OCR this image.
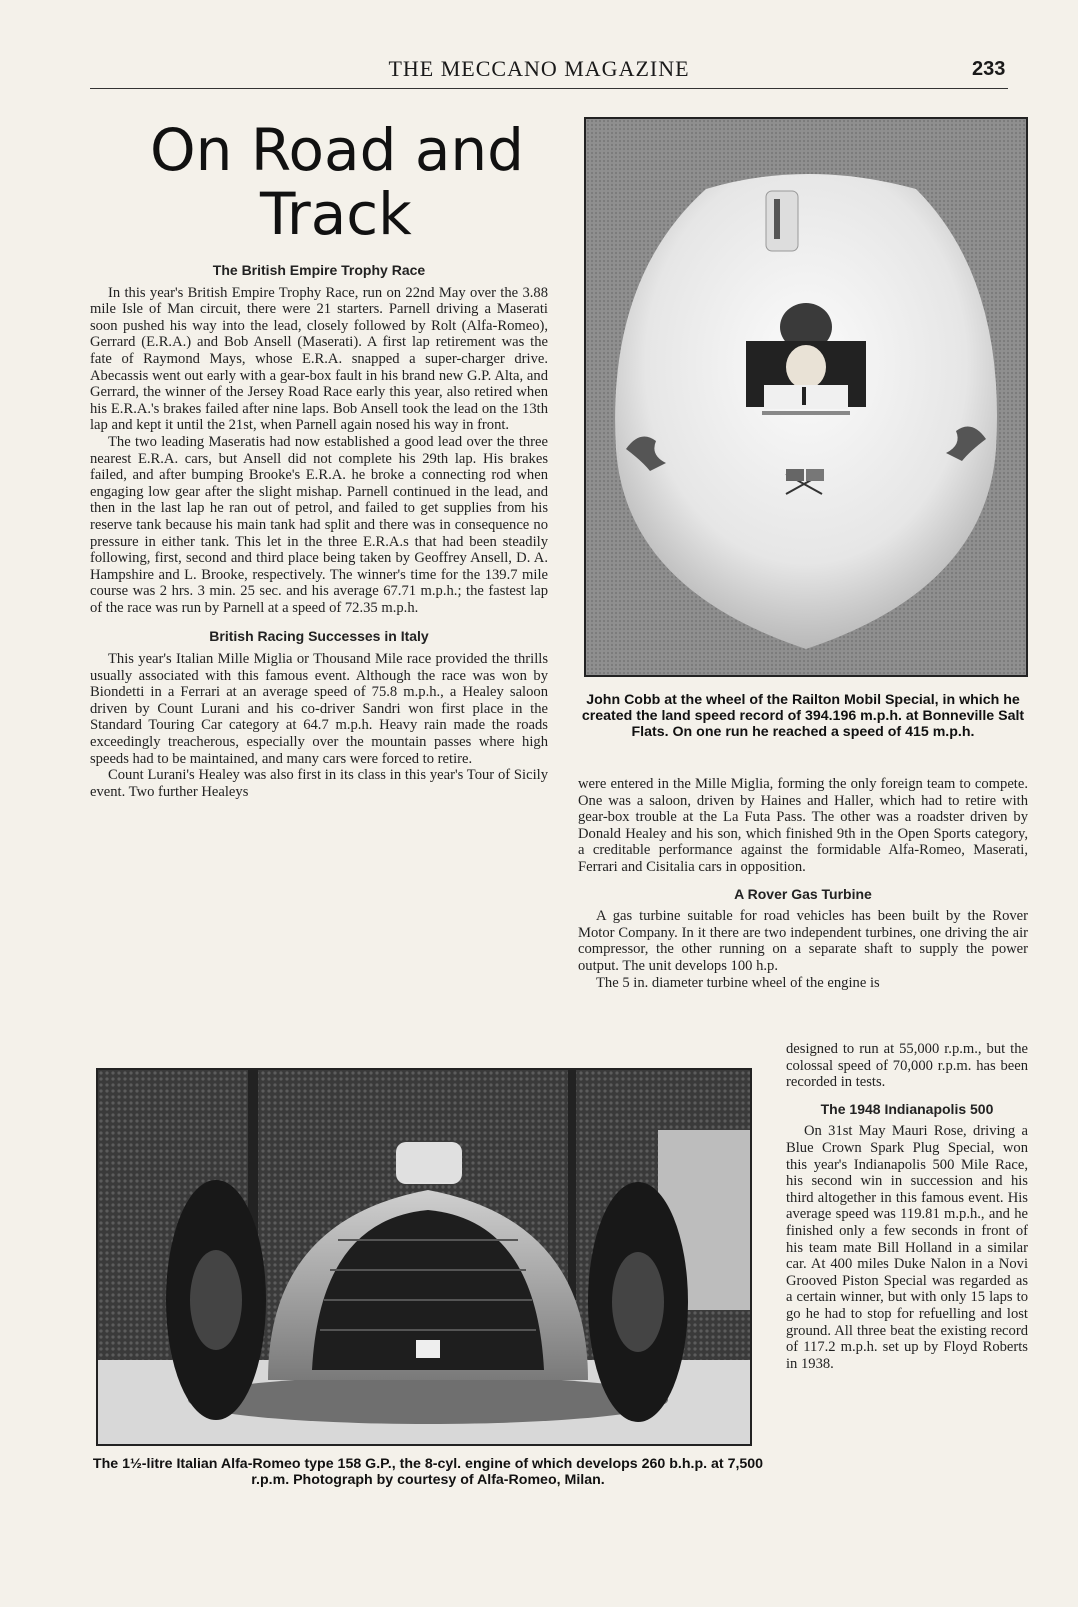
THE MECCANO MAGAZINE	233
On Road and
Track
The British Empire Trophy Race

In this year's British Empire Trophy Race, run on 22nd May over the 3.88 mile Isle of Man circuit, there were 21 starters. Parnell driving a Maserati soon pushed his way into the lead, closely followed by Rolt (Alfa-Romeo), Gerrard (E.R.A.) and Bob Ansell (Maserati). A first lap retirement was the fate of Raymond Mays, whose E.R.A. snapped a super-charger drive. Abecassis went out early with a gear-box fault in his brand new G.P. Alta, and Gerrard, the winner of the Jersey Road Race early this year, also retired when his E.R.A.'s brakes failed after nine laps. Bob Ansell took the lead on the 13th lap and kept it until the 21st, when Parnell again nosed his way in front.

The two leading Maseratis had now established a good lead over the three nearest E.R.A. cars, but Ansell did not complete his 29th lap. His brakes failed, and after bumping Brooke's E.R.A. he broke a connecting rod when engaging low gear after the slight mishap. Parnell continued in the lead, and then in the last lap he ran out of petrol, and failed to get supplies from his reserve tank because his main tank had split and there was in consequence no pressure in either tank. This let in the three E.R.A.s that had been steadily following, first, second and third place being taken by Geoffrey Ansell, D. A. Hampshire and L. Brooke, respectively. The winner's time for the 139.7 mile course was 2 hrs. 3 min. 25 sec. and his average 67.71 m.p.h.; the fastest lap of the race was run by Parnell at a speed of 72.35 m.p.h.

British Racing Successes in Italy

This year's Italian Mille Miglia or Thousand Mile race provided the thrills usually associated with this famous event. Although the race was won by Biondetti in a Ferrari at an average speed of 75.8 m.p.h., a Healey saloon driven by Count Lurani and his co-driver Sandri won first place in the Standard Touring Car category at 64.7 m.p.h. Heavy rain made the roads exceedingly treacherous, especially over the mountain passes where high speeds had to be maintained, and many cars were forced to retire.

Count Lurani's Healey was also first in its class in this year's Tour of Sicily event. Two further Healeys

John Cobb at the wheel of the Railton Mobil Special, in which he created the land speed record of 394.196 m.p.h. at Bonneville Salt Flats. On one run he reached a speed of 415 m.p.h.

were entered in the Mille Miglia, forming the only foreign team to compete. One was a saloon, driven by Haines and Haller, which had to retire with gear-box trouble at the La Futa Pass. The other was a roadster driven by Donald Healey and his son, which finished 9th in the Open Sports category, a creditable performance against the formidable Alfa-Romeo, Maserati, Ferrari and Cisitalia cars in opposition.

A Rover Gas Turbine

A gas turbine suitable for road vehicles has been built by the Rover Motor Company. In it there are two independent turbines, one driving the air compressor, the other running on a separate shaft to supply the power output. The unit develops 100 h.p.

The 5 in. diameter turbine wheel of the engine is

The 1½-litre Italian Alfa-Romeo type 158 G.P., the 8-cyl. engine of which develops 260 b.h.p. at 7,500 r.p.m. Photograph by courtesy of Alfa-Romeo, Milan.

designed to run at 55,000 r.p.m., but the colossal speed of 70,000 r.p.m. has been recorded in tests.

The 1948 Indianapolis 500

On 31st May Mauri Rose, driving a Blue Crown Spark Plug Special, won this year's Indianapolis 500 Mile Race, his second win in succession and his third altogether in this famous event. His average speed was 119.81 m.p.h., and he finished only a few seconds in front of his team mate Bill Holland in a similar car. At 400 miles Duke Nalon in a Novi Grooved Piston Special was regarded as a certain winner, but with only 15 laps to go he had to stop for refuelling and lost ground. All three beat the existing record of 117.2 m.p.h. set up by Floyd Roberts in 1938.
